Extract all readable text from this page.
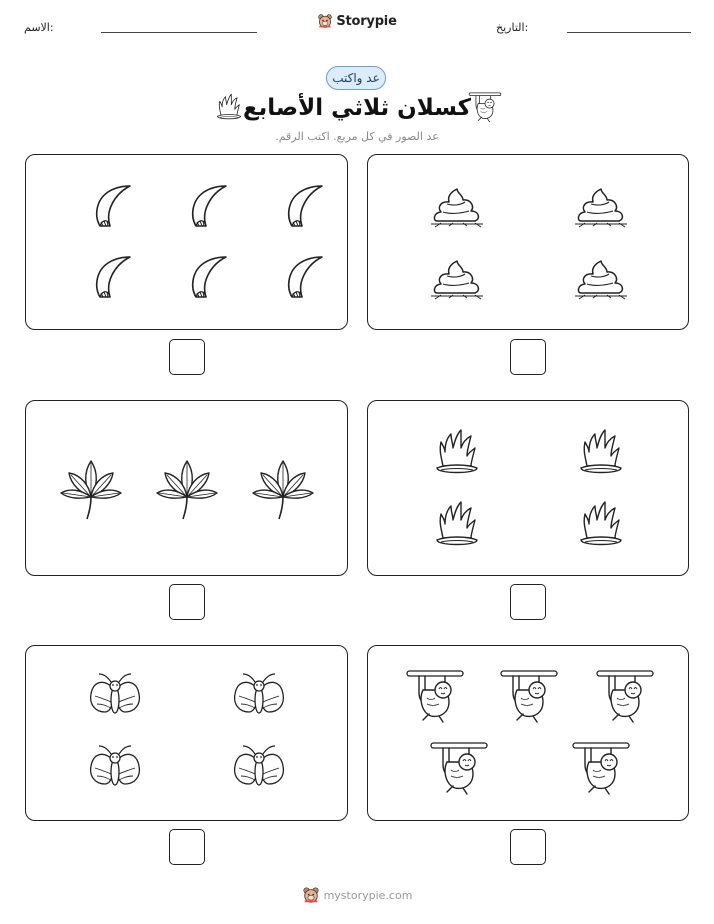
الاسم:	Storypie	التاريخ:
عد واكتب
كسلان ثلاثي الأصابع
عد الصور في كل مربع. اكتب الرقم.
mystorypie.com
